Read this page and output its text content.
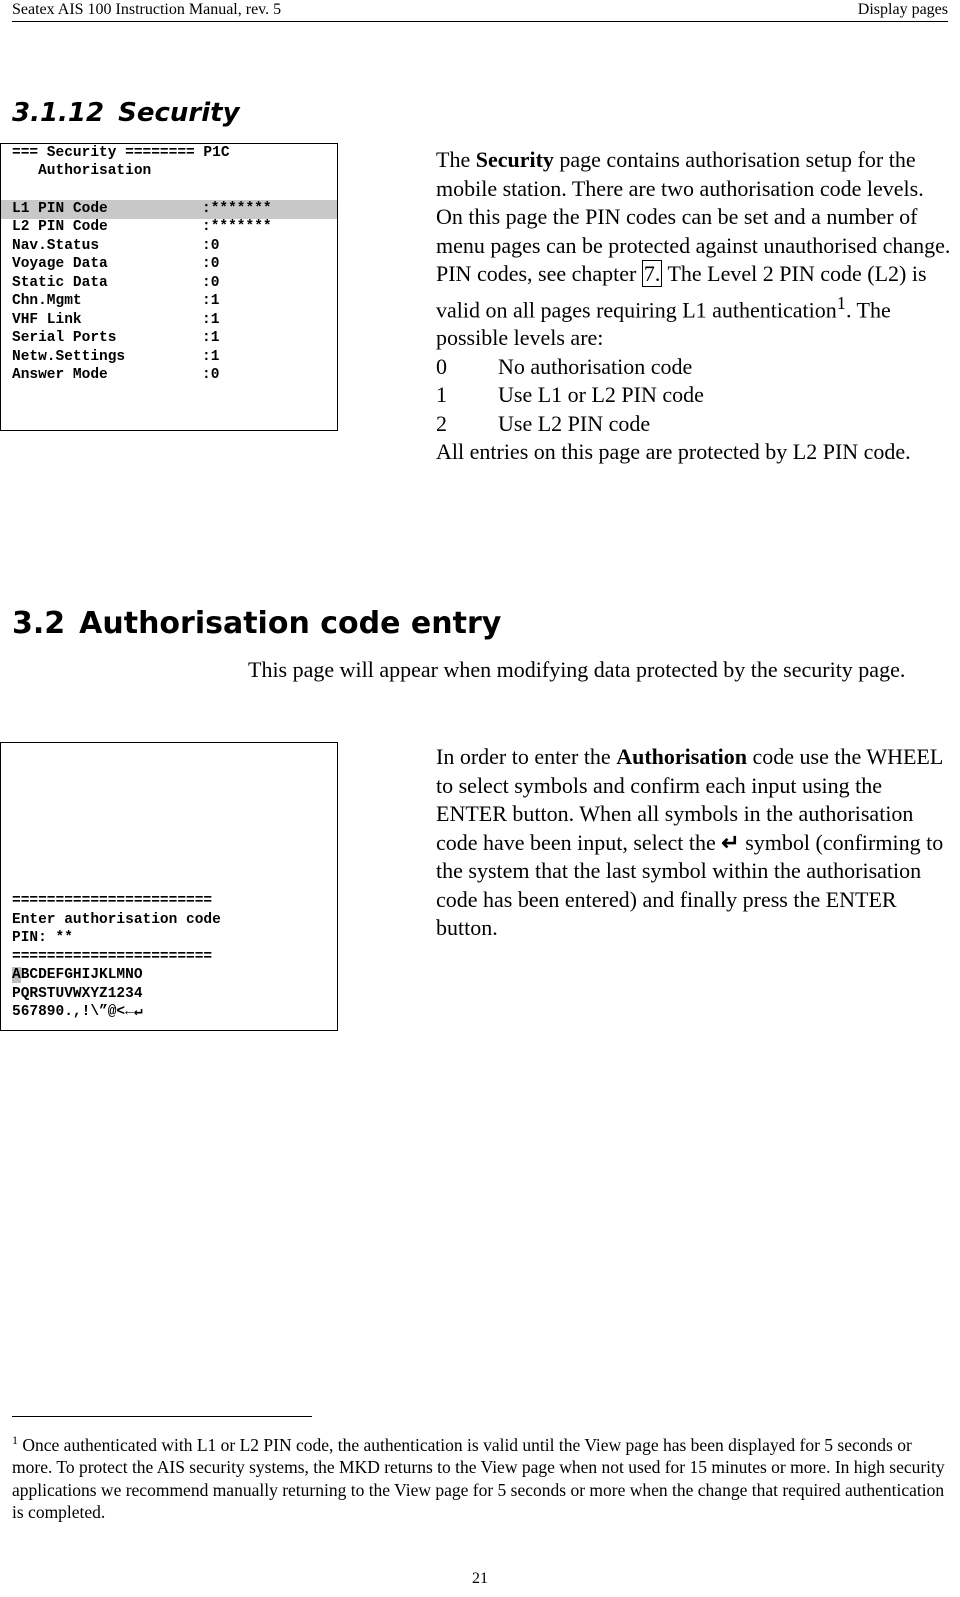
Seatex AIS 100 Instruction Manual, rev. 5	Display pages
3.1.12 Security
=== Security ======== P1C
Authorisation
L1 PIN Code	:*******
L2 PIN Code	:*******
Nav.Status	:0
Voyage Data	:0
Static Data	:0
Chn.Mgmt	:1
VHF Link	:1
Serial Ports	:1
Netw.Settings	:1
Answer Mode	:0
The Security page contains authorisation setup for the mobile station. There are two authorisation code levels. On this page the PIN codes can be set and a number of menu pages can be protected against unauthorised change. PIN codes, see chapter 7. The Level 2 PIN code (L2) is valid on all pages requiring L1 authentication$^1$. The possible levels are:
0	No authorisation code
1	Use L1 or L2 PIN code
2	Use L2 PIN code
All entries on this page are protected by L2 PIN code.
3.2 Authorisation code entry
This page will appear when modifying data protected by the security page.
=======================
Enter authorisation code
PIN: **
=======================
ABCDEFGHIJKLMNO
PQRSTUVWXYZ1234
567890.,!\”@<←↵
In order to enter the Authorisation code use the WHEEL to select symbols and confirm each input using the ENTER button. When all symbols in the authorisation code have been input, select the ↵ symbol (confirming to the system that the last symbol within the authorisation code has been entered) and finally press the ENTER button.
$^1$ Once authenticated with L1 or L2 PIN code, the authentication is valid until the View page has been displayed for 5 seconds or more. To protect the AIS security systems, the MKD returns to the View page when not used for 15 minutes or more. In high security applications we recommend manually returning to the View page for 5 seconds or more when the change that required authentication is completed.
21
